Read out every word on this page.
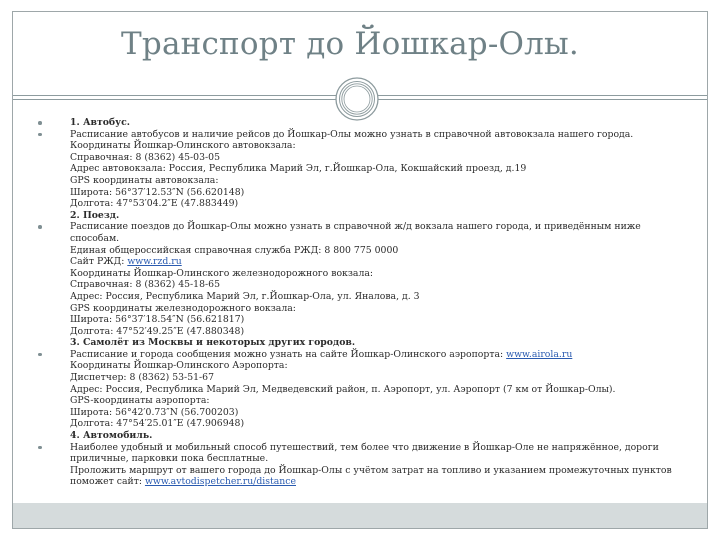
Транспорт до Йошкар-Олы.
1. Автобус.
Расписание автобусов и наличие рейсов до Йошкар-Олы можно узнать в справочной автовокзала нашего города.
Координаты Йошкар-Олинского автовокзала:
Справочная: 8 (8362) 45-03-05
Адрес автовокзала: Россия, Республика Марий Эл, г.Йошкар-Ола, Кокшайский проезд, д.19
GPS координаты автовокзала:
Широта: 56°37′12.53″N (56.620148)
Долгота: 47°53′04.2″E (47.883449)
2. Поезд.
Расписание поездов до Йошкар-Олы можно узнать в справочной ж/д вокзала нашего города, и приведённым ниже способам.
Единая общероссийская справочная служба РЖД: 8 800 775 0000
Сайт РЖД: www.rzd.ru
Координаты Йошкар-Олинского железнодорожного вокзала:
Справочная: 8 (8362) 45-18-65
Адрес: Россия, Республика Марий Эл, г.Йошкар-Ола, ул. Яналова, д. 3
GPS координаты железнодорожного вокзала:
Широта: 56°37′18.54″N (56.621817)
Долгота: 47°52′49.25″E (47.880348)
3. Самолёт из Москвы и некоторых других городов.
Расписание и города сообщения можно узнать на сайте Йошкар-Олинского аэропорта: www.airola.ru
Координаты Йошкар-Олинского Аэропорта:
Диспетчер: 8 (8362) 53-51-67
Адрес: Россия, Республика Марий Эл, Медведевский район, п. Аэропорт, ул. Аэропорт (7 км от Йошкар-Олы).
GPS-координаты аэропорта:
Широта: 56°42′0.73″N (56.700203)
Долгота: 47°54′25.01″E (47.906948)
4. Автомобиль.
Наиболее удобный и мобильный способ путешествий, тем более что движение в Йошкар-Оле не напряжённое, дороги приличные, парковки пока бесплатные.
Проложить маршрут от вашего города до Йошкар-Олы с учётом затрат на топливо и указанием промежуточных пунктов поможет сайт: www.avtodispetcher.ru/distance
